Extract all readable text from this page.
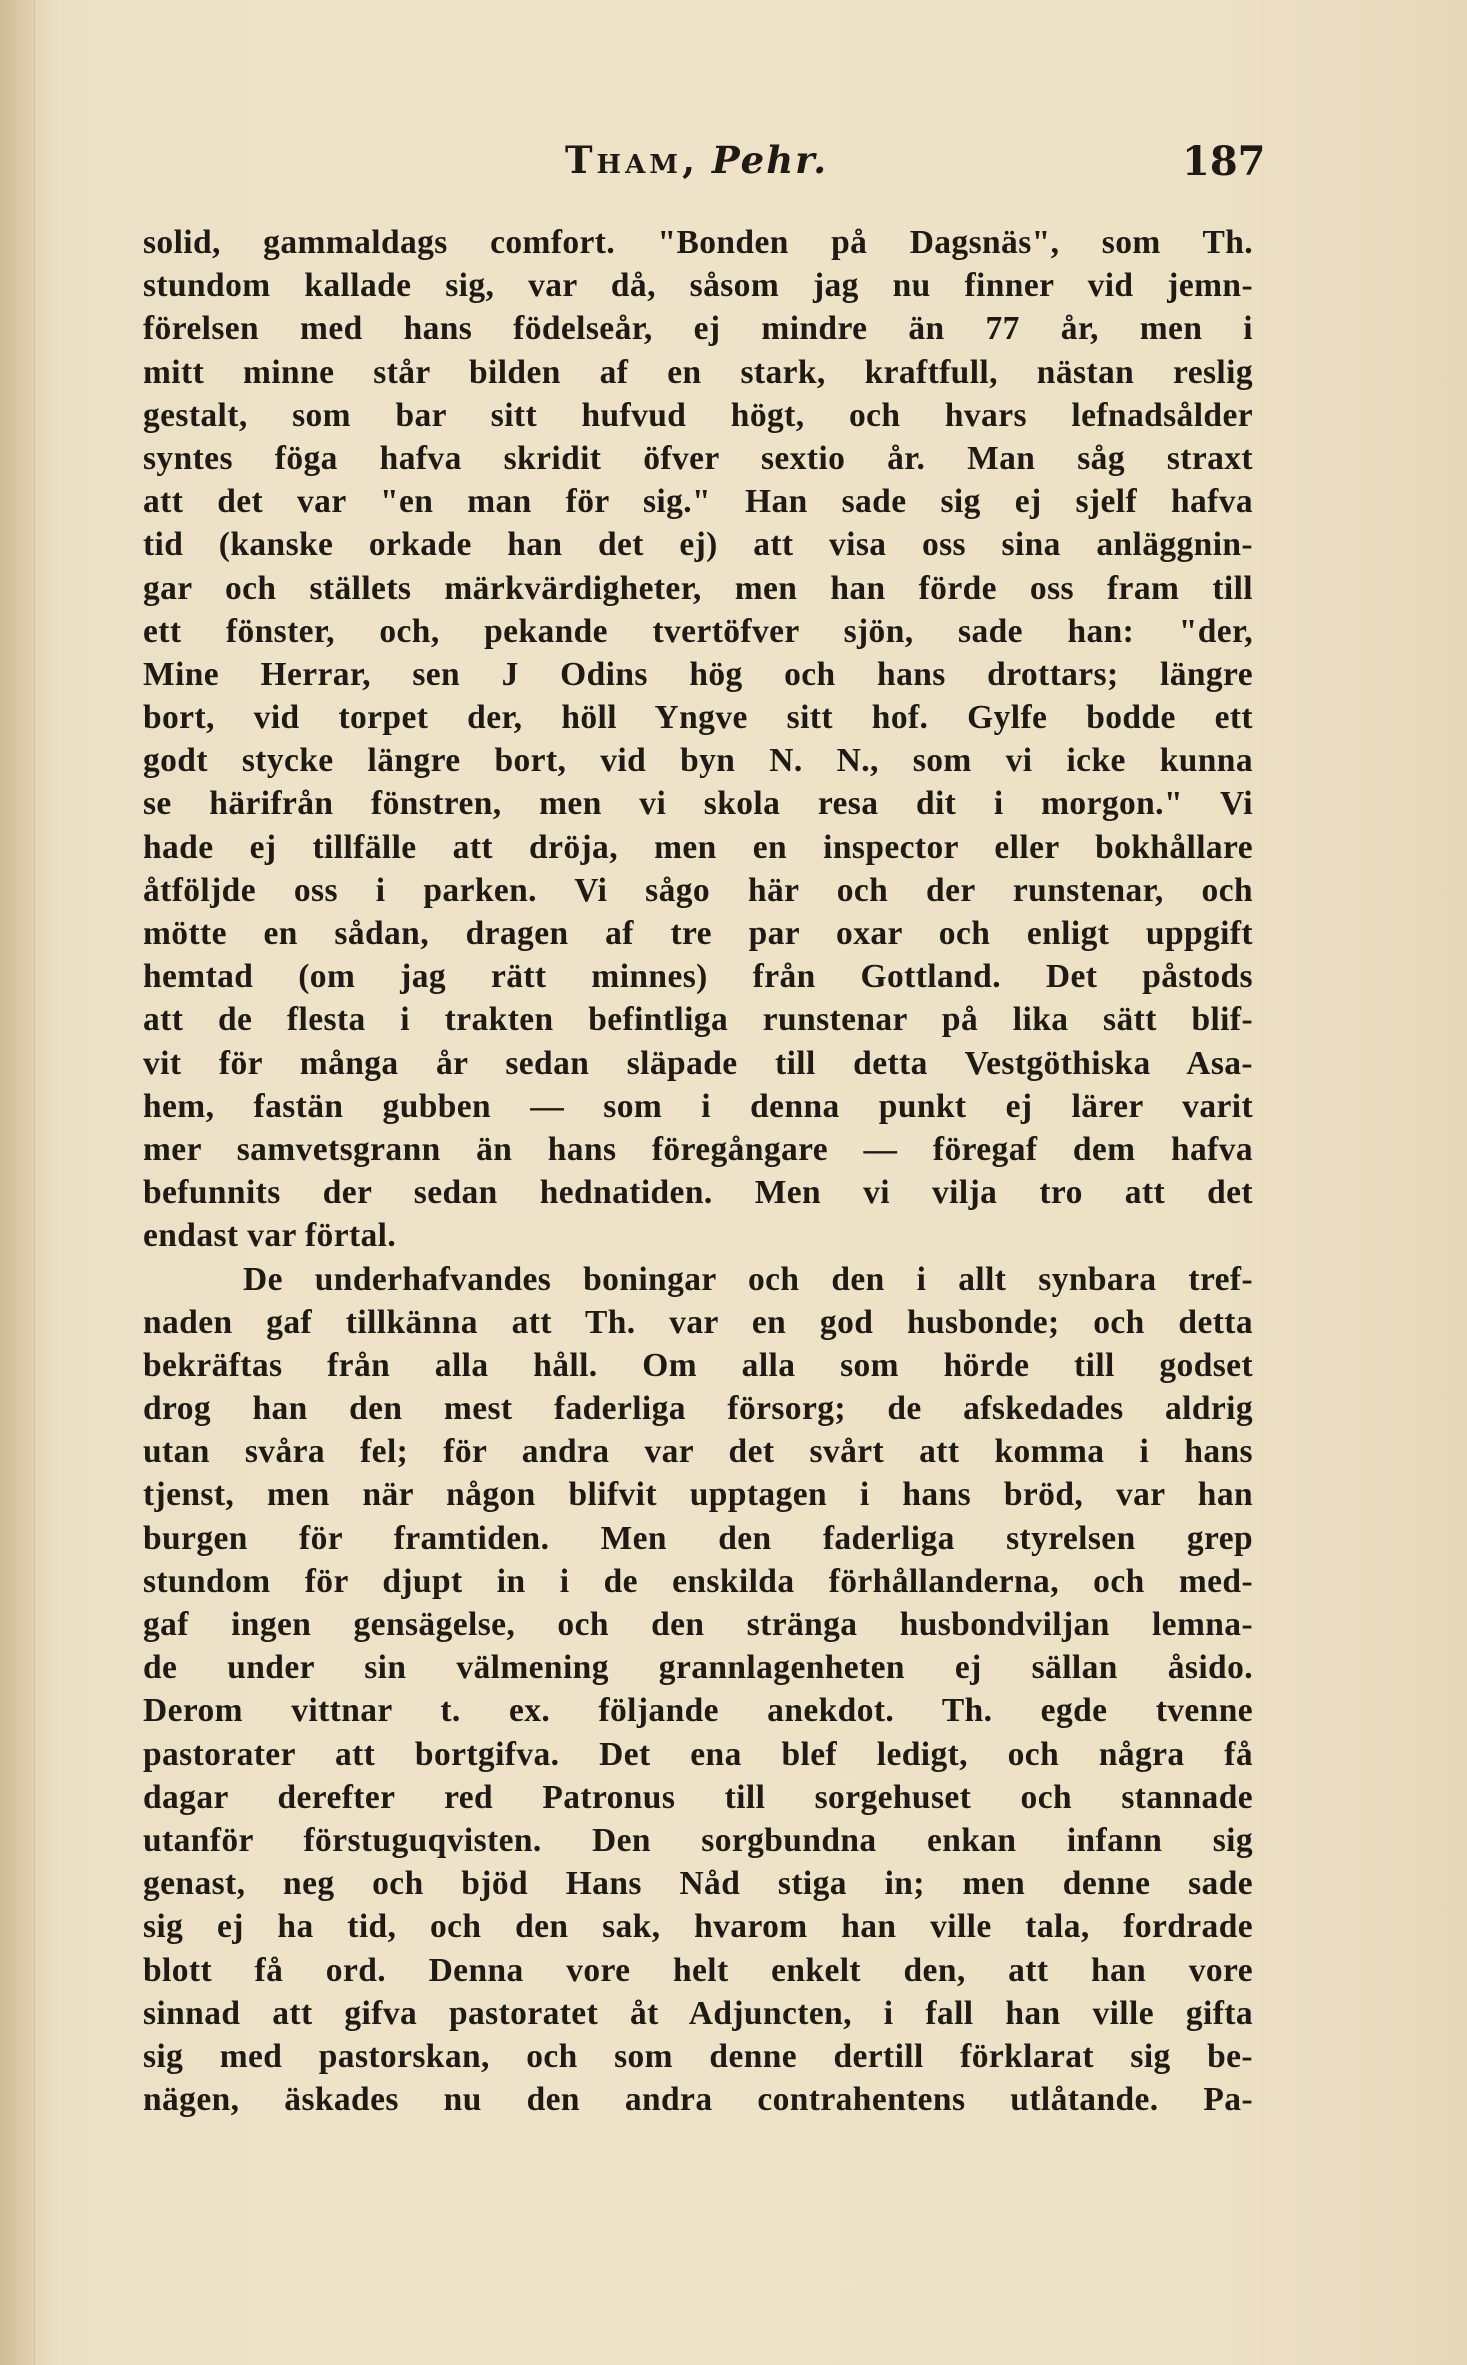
Tham, Pehr.	187
solid, gammaldags comfort. "Bonden på Dagsnäs", som Th.
stundom kallade sig, var då, såsom jag nu finner vid jemn-
förelsen med hans födelseår, ej mindre än 77 år, men i
mitt minne står bilden af en stark, kraftfull, nästan reslig
gestalt, som bar sitt hufvud högt, och hvars lefnadsålder
syntes föga hafva skridit öfver sextio år. Man såg straxt
att det var "en man för sig." Han sade sig ej sjelf hafva
tid (kanske orkade han det ej) att visa oss sina anläggnin-
gar och ställets märkvärdigheter, men han förde oss fram till
ett fönster, och, pekande tvertöfver sjön, sade han: "der,
Mine Herrar, sen J Odins hög och hans drottars; längre
bort, vid torpet der, höll Yngve sitt hof. Gylfe bodde ett
godt stycke längre bort, vid byn N. N., som vi icke kunna
se härifrån fönstren, men vi skola resa dit i morgon." Vi
hade ej tillfälle att dröja, men en inspector eller bokhållare
åtföljde oss i parken. Vi sågo här och der runstenar, och
mötte en sådan, dragen af tre par oxar och enligt uppgift
hemtad (om jag rätt minnes) från Gottland. Det påstods
att de flesta i trakten befintliga runstenar på lika sätt blif-
vit för många år sedan släpade till detta Vestgöthiska Asa-
hem, fastän gubben — som i denna punkt ej lärer varit
mer samvetsgrann än hans föregångare — föregaf dem hafva
befunnits der sedan hednatiden. Men vi vilja tro att det
endast var förtal.
De underhafvandes boningar och den i allt synbara tref-
naden gaf tillkänna att Th. var en god husbonde; och detta
bekräftas från alla håll. Om alla som hörde till godset
drog han den mest faderliga försorg; de afskedades aldrig
utan svåra fel; för andra var det svårt att komma i hans
tjenst, men när någon blifvit upptagen i hans bröd, var han
burgen för framtiden. Men den faderliga styrelsen grep
stundom för djupt in i de enskilda förhållanderna, och med-
gaf ingen gensägelse, och den stränga husbondviljan lemna-
de under sin välmening grannlagenheten ej sällan åsido.
Derom vittnar t. ex. följande anekdot. Th. egde tvenne
pastorater att bortgifva. Det ena blef ledigt, och några få
dagar derefter red Patronus till sorgehuset och stannade
utanför förstuguqvisten. Den sorgbundna enkan infann sig
genast, neg och bjöd Hans Nåd stiga in; men denne sade
sig ej ha tid, och den sak, hvarom han ville tala, fordrade
blott få ord. Denna vore helt enkelt den, att han vore
sinnad att gifva pastoratet åt Adjuncten, i fall han ville gifta
sig med pastorskan, och som denne dertill förklarat sig be-
nägen, äskades nu den andra contrahentens utlåtande. Pa-
